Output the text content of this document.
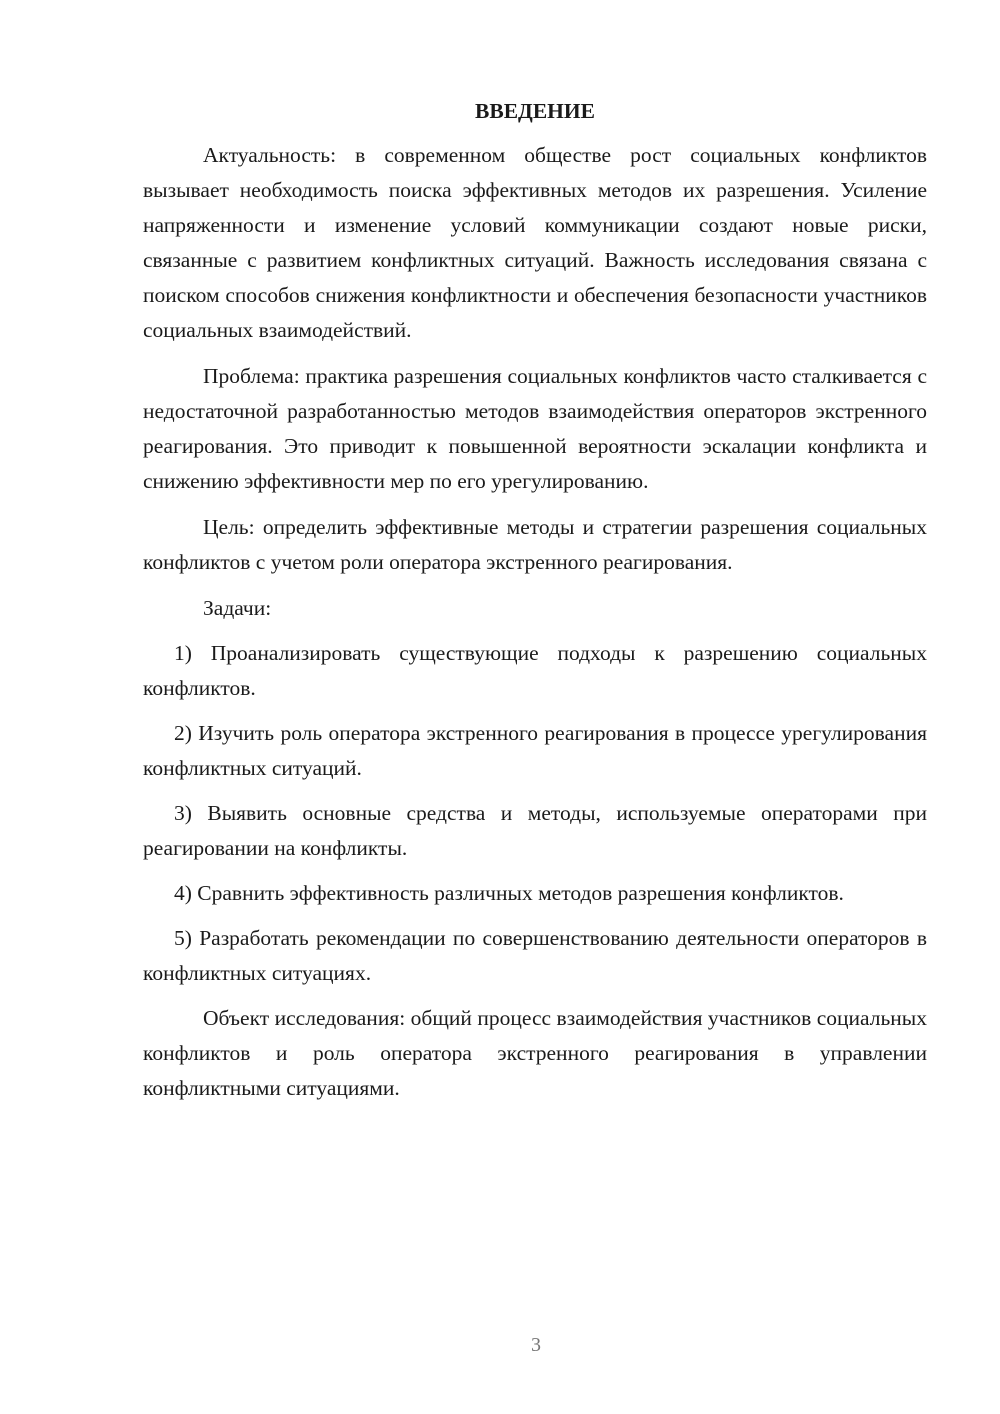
ВВЕДЕНИЕ

Актуальность: в современном обществе рост социальных конфликтов вызывает необходимость поиска эффективных методов их разрешения. Усиление напряженности и изменение условий коммуникации создают новые риски, связанные с развитием конфликтных ситуаций. Важность исследования связана с поиском способов снижения конфликтности и обеспечения безопасности участников социальных взаимодействий.

Проблема: практика разрешения социальных конфликтов часто сталкивается с недостаточной разработанностью методов взаимодействия операторов экстренного реагирования. Это приводит к повышенной вероятности эскалации конфликта и снижению эффективности мер по его урегулированию.

Цель: определить эффективные методы и стратегии разрешения социальных конфликтов с учетом роли оператора экстренного реагирования.

Задачи:

1) Проанализировать существующие подходы к разрешению социальных конфликтов.

2) Изучить роль оператора экстренного реагирования в процессе урегулирования конфликтных ситуаций.

3) Выявить основные средства и методы, используемые операторами при реагировании на конфликты.

4) Сравнить эффективность различных методов разрешения конфликтов.

5) Разработать рекомендации по совершенствованию деятельности операторов в конфликтных ситуациях.

Объект исследования: общий процесс взаимодействия участников социальных конфликтов и роль оператора экстренного реагирования в управлении конфликтными ситуациями.

3
